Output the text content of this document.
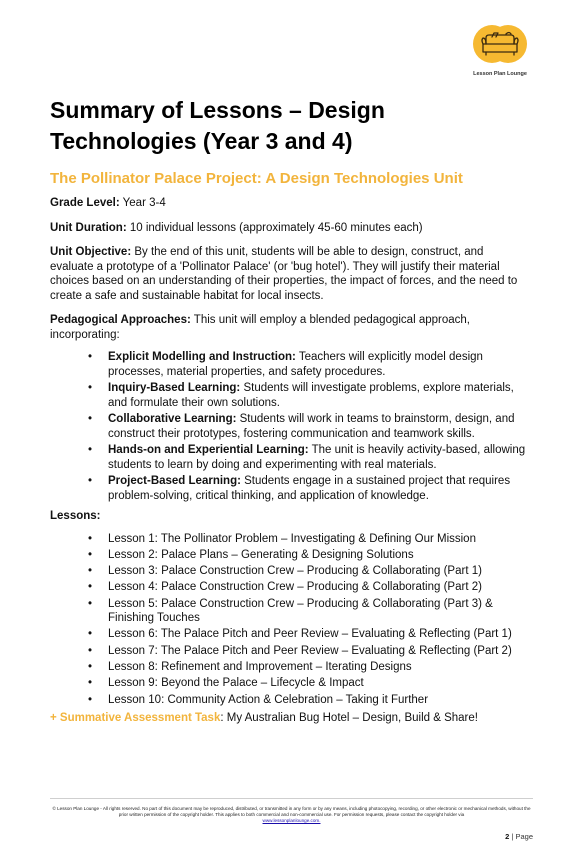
Lesson Plan Lounge
Summary of Lessons – Design Technologies (Year 3 and 4)
The Pollinator Palace Project: A Design Technologies Unit

Grade Level: Year 3-4

Unit Duration: 10 individual lessons (approximately 45-60 minutes each)

Unit Objective: By the end of this unit, students will be able to design, construct, and evaluate a prototype of a 'Pollinator Palace' (or 'bug hotel'). They will justify their material choices based on an understanding of their properties, the impact of forces, and the need to create a safe and sustainable habitat for local insects.

Pedagogical Approaches: This unit will employ a blended pedagogical approach, incorporating:

• Explicit Modelling and Instruction: Teachers will explicitly model design processes, material properties, and safety procedures.
• Inquiry-Based Learning: Students will investigate problems, explore materials, and formulate their own solutions.
• Collaborative Learning: Students will work in teams to brainstorm, design, and construct their prototypes, fostering communication and teamwork skills.
• Hands-on and Experiential Learning: The unit is heavily activity-based, allowing students to learn by doing and experimenting with real materials.
• Project-Based Learning: Students engage in a sustained project that requires problem-solving, critical thinking, and application of knowledge.

Lessons:

• Lesson 1: The Pollinator Problem – Investigating & Defining Our Mission
• Lesson 2: Palace Plans – Generating & Designing Solutions
• Lesson 3: Palace Construction Crew – Producing & Collaborating (Part 1)
• Lesson 4: Palace Construction Crew – Producing & Collaborating (Part 2)
• Lesson 5: Palace Construction Crew – Producing & Collaborating (Part 3) & Finishing Touches
• Lesson 6: The Palace Pitch and Peer Review – Evaluating & Reflecting (Part 1)
• Lesson 7: The Palace Pitch and Peer Review – Evaluating & Reflecting (Part 2)
• Lesson 8: Refinement and Improvement – Iterating Designs
• Lesson 9: Beyond the Palace – Lifecycle & Impact
• Lesson 10: Community Action & Celebration – Taking it Further

+ Summative Assessment Task: My Australian Bug Hotel – Design, Build & Share!

© Lesson Plan Lounge - All rights reserved. No part of this document may be reproduced, distributed, or transmitted in any form or by any means, including photocopying, recording, or other electronic or mechanical methods, without the prior written permission of the copyright holder. This applies to both commercial and non-commercial use. For permission requests, please contact the copyright holder via
www.lessonplanlounge.com.
2 | Page
